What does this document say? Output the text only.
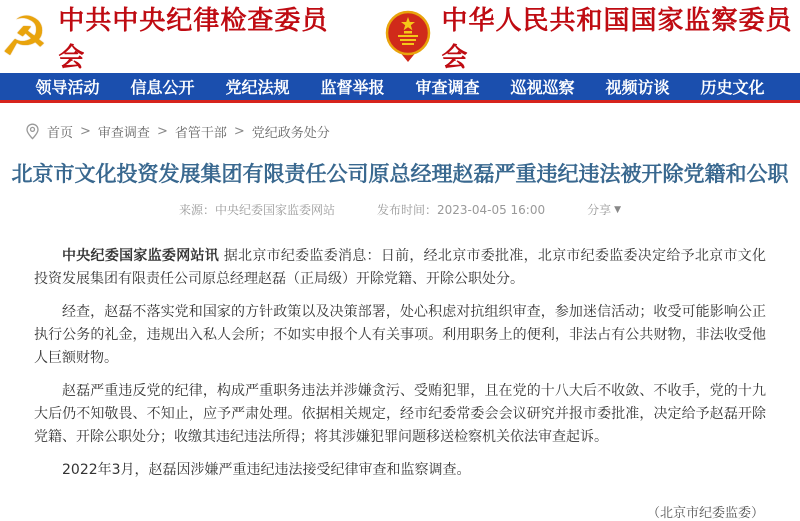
☭ 中共中央纪律检查委员会
中华人民共和国国家监察委员会
领导活动 信息公开 党纪法规 监督举报 审查调查 巡视巡察 视频访谈 历史文化
首页 > 审查调查 > 省管干部 > 党纪政务处分
北京市文化投资发展集团有限责任公司原总经理赵磊严重违纪违法被开除党籍和公职
来源：中央纪委国家监委网站	发布时间：2023-04-05 16:00	分享 ▼

中央纪委国家监委网站讯 据北京市纪委监委消息：日前，经北京市委批准，北京市纪委监委决定给予北京市文化投资发展集团有限责任公司原总经理赵磊（正局级）开除党籍、开除公职处分。

经查，赵磊不落实党和国家的方针政策以及决策部署，处心积虑对抗组织审查，参加迷信活动；收受可能影响公正执行公务的礼金，违规出入私人会所；不如实申报个人有关事项。利用职务上的便利，非法占有公共财物，非法收受他人巨额财物。

赵磊严重违反党的纪律，构成严重职务违法并涉嫌贪污、受贿犯罪，且在党的十八大后不收敛、不收手，党的十九大后仍不知敬畏、不知止，应予严肃处理。依据相关规定，经市纪委常委会会议研究并报市委批准，决定给予赵磊开除党籍、开除公职处分；收缴其违纪违法所得；将其涉嫌犯罪问题移送检察机关依法审查起诉。

2022年3月，赵磊因涉嫌严重违纪违法接受纪律审查和监察调查。

（北京市纪委监委）
